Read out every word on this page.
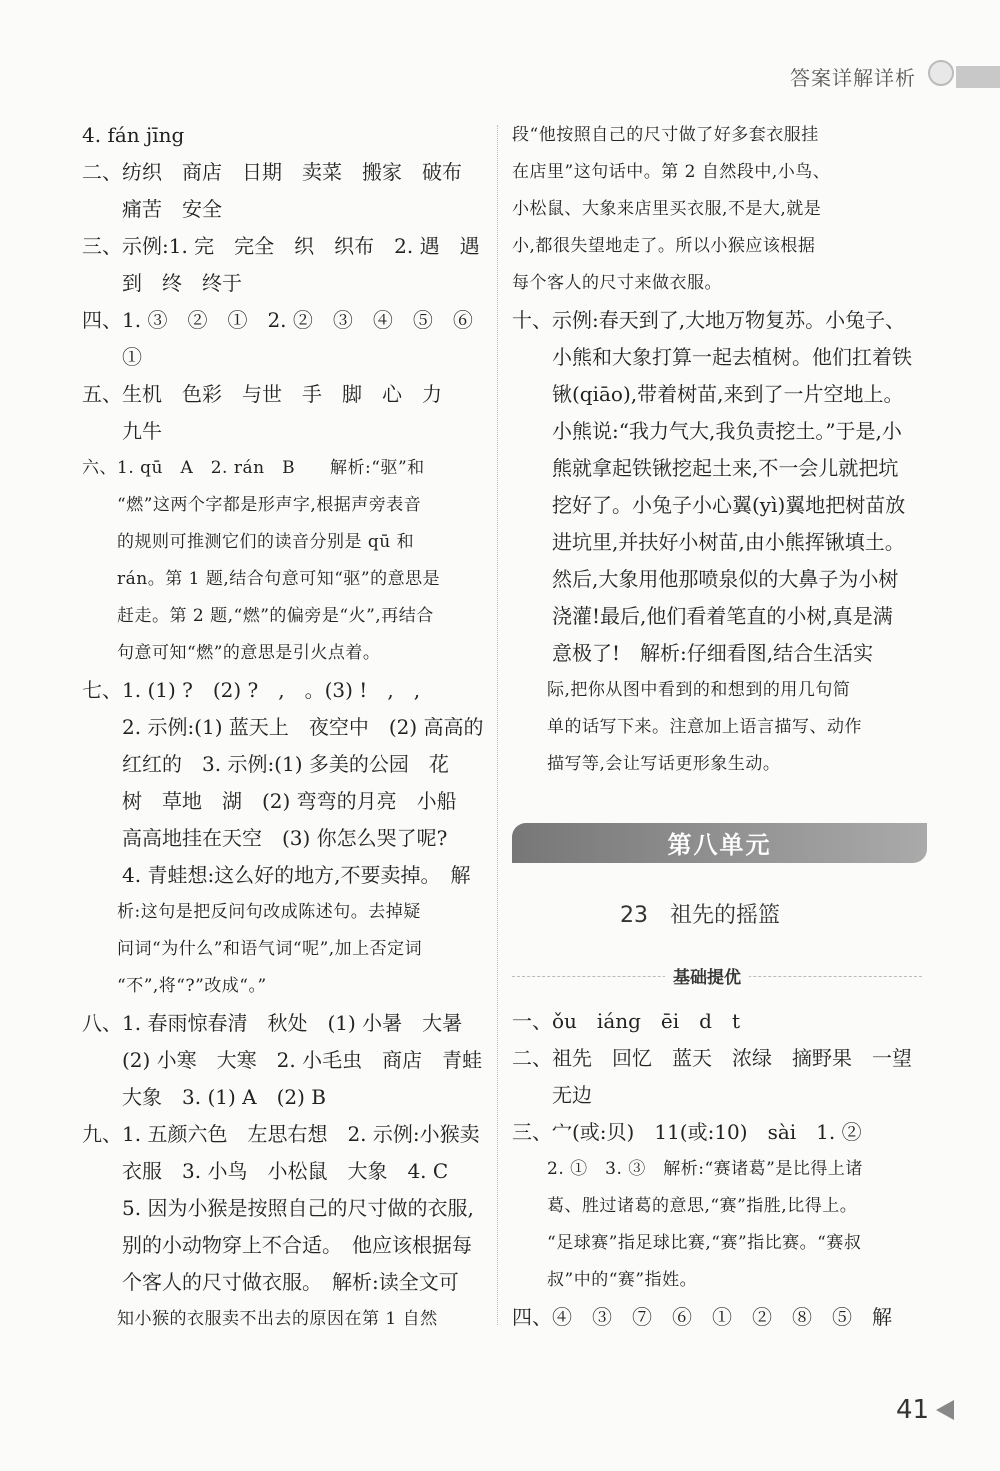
答案详解详析
4. fán jīng
二、纺织　商店　日期　卖菜　搬家　破布
　　痛苦　安全
三、示例:1. 完　完全　织　织布　2. 遇　遇
　　到　终　终于
四、1. ③　②　①　2. ②　③　④　⑤　⑥
　　①
五、生机　色彩　与世　手　脚　心　力
　　九牛
六、1. qū　A　2. rán　B　　解析:“驱”和
　　“燃”这两个字都是形声字,根据声旁表音
　　的规则可推测它们的读音分别是 qū 和
　　rán。第 1 题,结合句意可知“驱”的意思是
　　赶走。第 2 题,“燃”的偏旁是“火”,再结合
　　句意可知“燃”的意思是引火点着。
七、1. (1) ?　(2) ?　,　。(3) !　,　,
　　2. 示例:(1) 蓝天上　夜空中　(2) 高高的
　　红红的　3. 示例:(1) 多美的公园　花
　　树　草地　湖　(2) 弯弯的月亮　小船
　　高高地挂在天空　(3) 你怎么哭了呢?
　　4. 青蛙想:这么好的地方,不要卖掉。　解
　　析:这句是把反问句改成陈述句。去掉疑
　　问词“为什么”和语气词“呢”,加上否定词
　　“不”,将“?”改成“。”
八、1. 春雨惊春清　秋处　(1) 小暑　大暑
　　(2) 小寒　大寒　2. 小毛虫　商店　青蛙
　　大象　3. (1) A　(2) B
九、1. 五颜六色　左思右想　2. 示例:小猴卖
　　衣服　3. 小鸟　小松鼠　大象　4. C
　　5. 因为小猴是按照自己的尺寸做的衣服,
　　别的小动物穿上不合适。　他应该根据每
　　个客人的尺寸做衣服。　解析:读全文可
　　知小猴的衣服卖不出去的原因在第 1 自然
段“他按照自己的尺寸做了好多套衣服挂
在店里”这句话中。第 2 自然段中,小鸟、
小松鼠、大象来店里买衣服,不是大,就是
小,都很失望地走了。所以小猴应该根据
每个客人的尺寸来做衣服。
十、示例:春天到了,大地万物复苏。小兔子、
　　小熊和大象打算一起去植树。他们扛着铁
　　锹(qiāo),带着树苗,来到了一片空地上。
　　小熊说:“我力气大,我负责挖土。”于是,小
　　熊就拿起铁锹挖起土来,不一会儿就把坑
　　挖好了。小兔子小心翼(yì)翼地把树苗放
　　进坑里,并扶好小树苗,由小熊挥锹填土。
　　然后,大象用他那喷泉似的大鼻子为小树
　　浇灌!最后,他们看着笔直的小树,真是满
　　意极了!　解析:仔细看图,结合生活实
　　际,把你从图中看到的和想到的用几句简
　　单的话写下来。注意加上语言描写、动作
　　描写等,会让写话更形象生动。
第八单元
23　祖先的摇篮
基础提优
一、ǒu　iáng　ēi　d　t
二、祖先　回忆　蓝天　浓绿　摘野果　一望
　　无边
三、宀(或:贝)　11(或:10)　sài　1. ②
　　2. ①　3. ③　解析:“赛诸葛”是比得上诸
　　葛、胜过诸葛的意思,“赛”指胜,比得上。
　　“足球赛”指足球比赛,“赛”指比赛。“赛叔
　　叔”中的“赛”指姓。
四、④　③　⑦　⑥　①　②　⑧　⑤　解
41
